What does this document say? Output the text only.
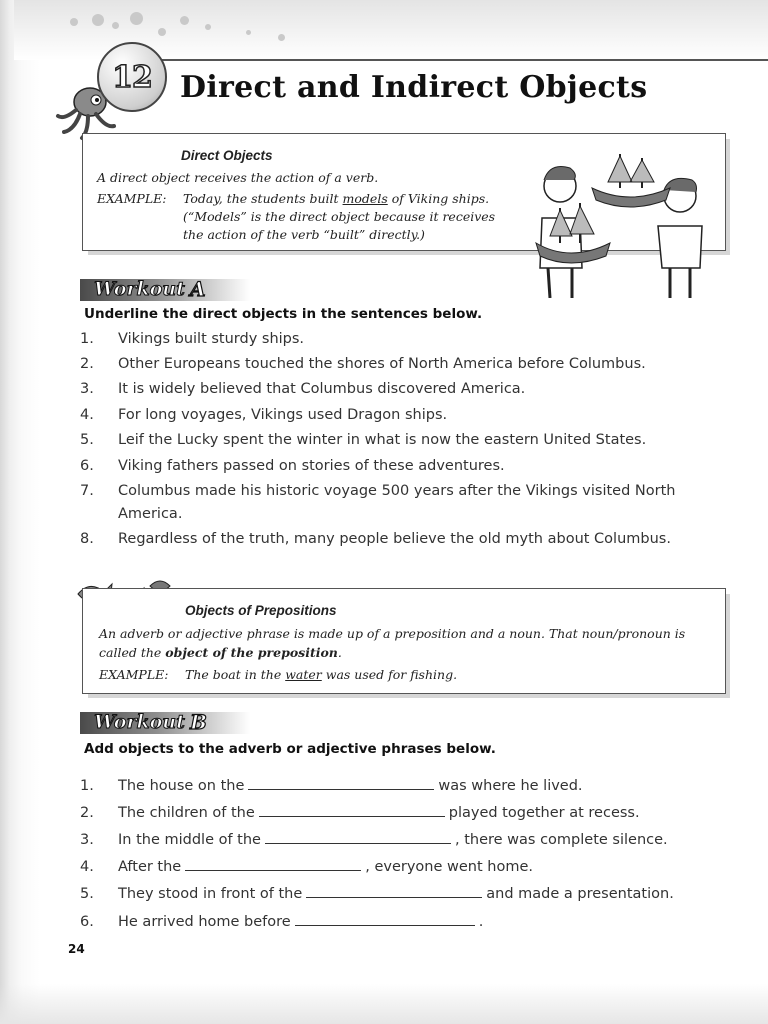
12 Direct and Indirect Objects
Direct Objects
A direct object receives the action of a verb.
EXAMPLE: Today, the students built models of Viking ships.
(“Models” is the direct object because it receives
the action of the verb “built” directly.)
Workout A
Underline the direct objects in the sentences below.
1. Vikings built sturdy ships.
2. Other Europeans touched the shores of North America before Columbus.
3. It is widely believed that Columbus discovered America.
4. For long voyages, Vikings used Dragon ships.
5. Leif the Lucky spent the winter in what is now the eastern United States.
6. Viking fathers passed on stories of these adventures.
7. Columbus made his historic voyage 500 years after the Vikings visited North
America.
8. Regardless of the truth, many people believe the old myth about Columbus.
Objects of Prepositions
An adverb or adjective phrase is made up of a preposition and a noun. That noun/pronoun is
called the object of the preposition.
EXAMPLE: The boat in the water was used for fishing.
Workout B
Add objects to the adverb or adjective phrases below.
1. The house on the	was where he lived.
2. The children of the	played together at recess.
3. In the middle of the	, there was complete silence.
4. After the	, everyone went home.
5. They stood in front of the	and made a presentation.
6. He arrived home before	.
24
